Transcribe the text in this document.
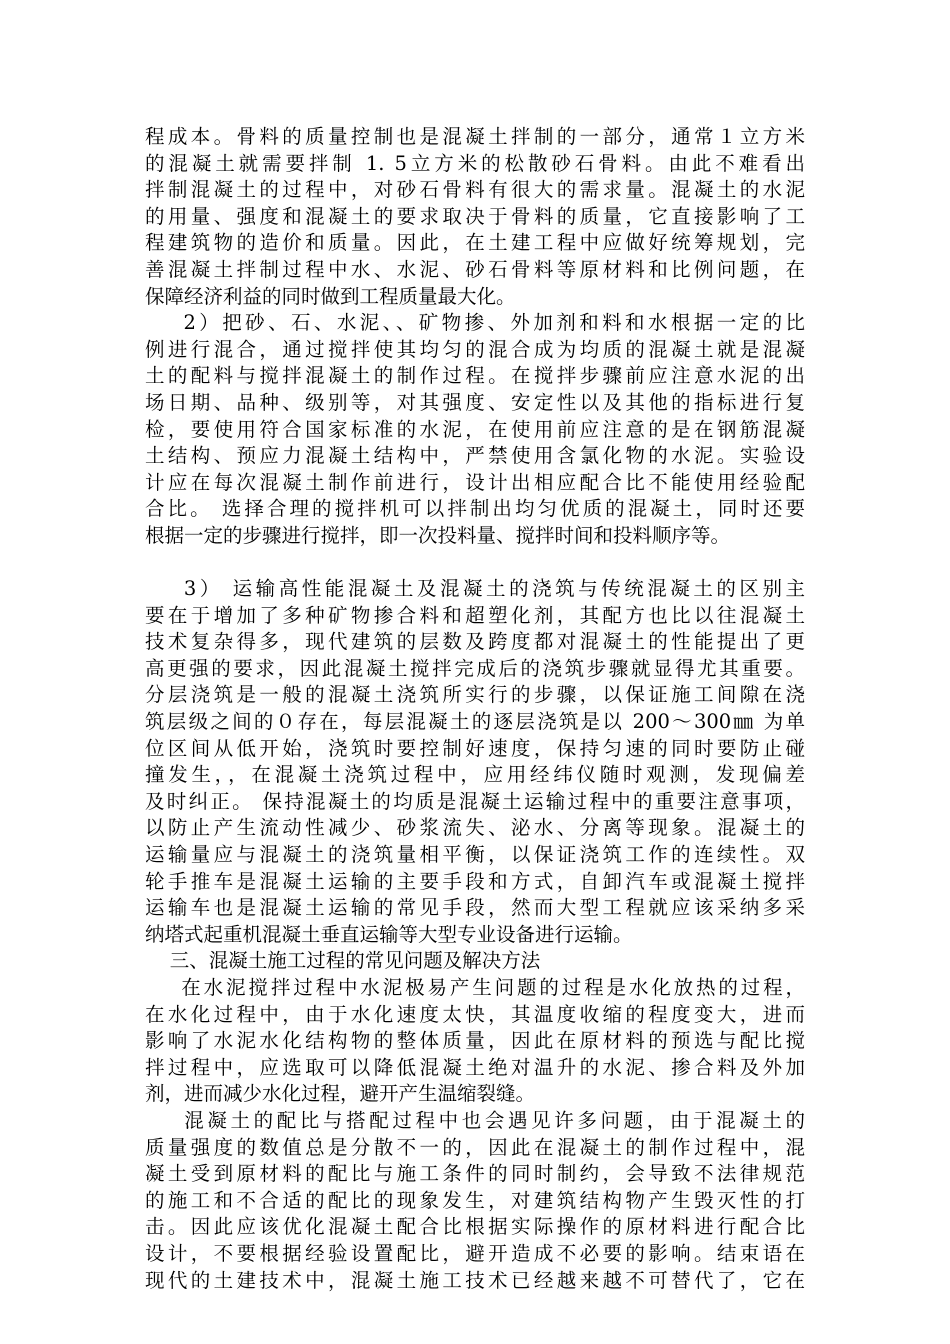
程成本。骨料的质量控制也是混凝土拌制的一部分，通常１立方米
的混凝土就需要拌制 1. 5立方米的松散砂石骨料。由此不难看出
拌制混凝土的过程中，对砂石骨料有很大的需求量。混凝土的水泥
的用量、强度和混凝土的要求取决于骨料的质量，它直接影响了工
程建筑物的造价和质量。因此，在土建工程中应做好统筹规划，完
善混凝土拌制过程中水、水泥、砂石骨料等原材料和比例问题，在
保障经济利益的同时做到工程质量最大化。
2）把砂、石、水泥、、矿物掺、外加剂和料和水根据一定的比
例进行混合，通过搅拌使其均匀的混合成为均质的混凝土就是混凝
土的配料与搅拌混凝土的制作过程。在搅拌步骤前应注意水泥的出
场日期、品种、级别等，对其强度、安定性以及其他的指标进行复
检，要使用符合国家标准的水泥，在使用前应注意的是在钢筋混凝
土结构、预应力混凝土结构中，严禁使用含氯化物的水泥。实验设
计应在每次混凝土制作前进行，设计出相应配合比不能使用经验配
合比。 选择合理的搅拌机可以拌制出均匀优质的混凝土，同时还要
根据一定的步骤进行搅拌，即一次投料量、搅拌时间和投料顺序等。
3） 运输高性能混凝土及混凝土的浇筑与传统混凝土的区别主
要在于增加了多种矿物掺合料和超塑化剂，其配方也比以往混凝土
技术复杂得多，现代建筑的层数及跨度都对混凝土的性能提出了更
高更强的要求，因此混凝土搅拌完成后的浇筑步骤就显得尤其重要。
分层浇筑是一般的混凝土浇筑所实行的步骤，以保证施工间隙在浇
筑层级之间的０存在，每层混凝土的逐层浇筑是以 200～300㎜ 为单
位区间从低开始，浇筑时要控制好速度，保持匀速的同时要防止碰
撞发生，，在混凝土浇筑过程中，应用经纬仪随时观测，发现偏差
及时纠正。 保持混凝土的均质是混凝土运输过程中的重要注意事项，
以防止产生流动性减少、砂浆流失、泌水、分离等现象。混凝土的
运输量应与混凝土的浇筑量相平衡，以保证浇筑工作的连续性。双
轮手推车是混凝土运输的主要手段和方式，自卸汽车或混凝土搅拌
运输车也是混凝土运输的常见手段，然而大型工程就应该采纳多采
纳塔式起重机混凝土垂直运输等大型专业设备进行运输。
三、混凝土施工过程的常见问题及解决方法
在水泥搅拌过程中水泥极易产生问题的过程是水化放热的过程，
在水化过程中，由于水化速度太快，其温度收缩的程度变大，进而
影响了水泥水化结构物的整体质量，因此在原材料的预选与配比搅
拌过程中，应选取可以降低混凝土绝对温升的水泥、掺合料及外加
剂，进而减少水化过程，避开产生温缩裂缝。
混凝土的配比与搭配过程中也会遇见许多问题，由于混凝土的
质量强度的数值总是分散不一的，因此在混凝土的制作过程中，混
凝土受到原材料的配比与施工条件的同时制约，会导致不法律规范
的施工和不合适的配比的现象发生，对建筑结构物产生毁灭性的打
击。因此应该优化混凝土配合比根据实际操作的原材料进行配合比
设计，不要根据经验设置配比，避开造成不必要的影响。结束语在
现代的土建技术中，混凝土施工技术已经越来越不可替代了，它在
